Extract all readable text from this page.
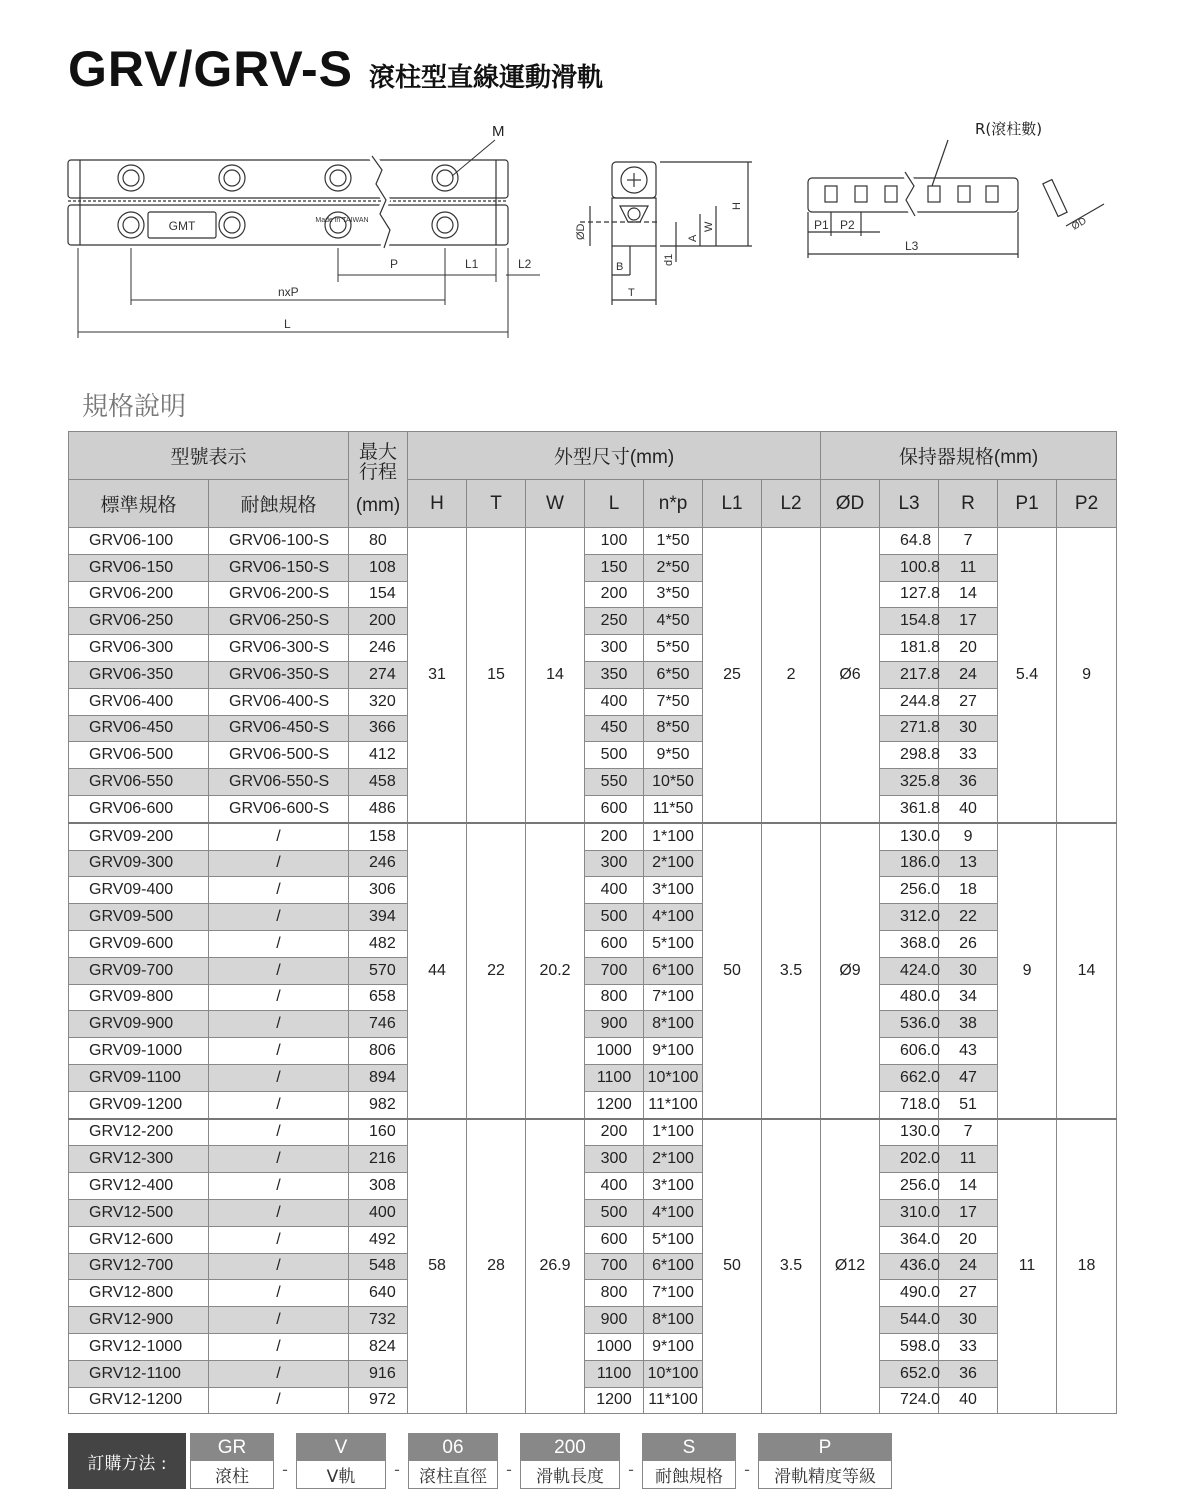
GRV/GRV-S 滾柱型直線運動滑軌
GMT	Made in TAIWAN
M
P	L1	L2
nxP
L
B
T
H
d1
W
A
ØD	P1 P2
L3
ØD
R(滾柱數)
規格說明
型號表示		最大
行程
(mm)	外型尺寸(mm)							保持器規格(mm)				
標準規格	耐蝕規格		H	T	W	L	n*p	L1	L2	ØD	L3	R	P1	P2
GRV06-100	GRV06-100-S	80	31	15	14	100	1*50	25	2	Ø6	64.8	7	5.4	9
GRV06-150	GRV06-150-S	108				150	2*50				100.8	11		
GRV06-200	GRV06-200-S	154				200	3*50				127.8	14		
GRV06-250	GRV06-250-S	200				250	4*50				154.8	17		
GRV06-300	GRV06-300-S	246				300	5*50				181.8	20		
GRV06-350	GRV06-350-S	274				350	6*50				217.8	24		
GRV06-400	GRV06-400-S	320				400	7*50				244.8	27		
GRV06-450	GRV06-450-S	366				450	8*50				271.8	30		
GRV06-500	GRV06-500-S	412				500	9*50				298.8	33		
GRV06-550	GRV06-550-S	458				550	10*50				325.8	36		
GRV06-600	GRV06-600-S	486				600	11*50				361.8	40		
GRV09-200	/	158	44	22	20.2	200	1*100	50	3.5	Ø9	130.0	9	9	14
GRV09-300	/	246				300	2*100				186.0	13		
GRV09-400	/	306				400	3*100				256.0	18		
GRV09-500	/	394				500	4*100				312.0	22		
GRV09-600	/	482				600	5*100				368.0	26		
GRV09-700	/	570				700	6*100				424.0	30		
GRV09-800	/	658				800	7*100				480.0	34		
GRV09-900	/	746				900	8*100				536.0	38		
GRV09-1000	/	806				1000	9*100				606.0	43		
GRV09-1100	/	894				1100	10*100				662.0	47		
GRV09-1200	/	982				1200	11*100				718.0	51		
GRV12-200	/	160	58	28	26.9	200	1*100	50	3.5	Ø12	130.0	7	11	18
GRV12-300	/	216				300	2*100				202.0	11		
GRV12-400	/	308				400	3*100				256.0	14		
GRV12-500	/	400				500	4*100				310.0	17		
GRV12-600	/	492				600	5*100				364.0	20		
GRV12-700	/	548				700	6*100				436.0	24		
GRV12-800	/	640				800	7*100				490.0	27		
GRV12-900	/	732				900	8*100				544.0	30		
GRV12-1000	/	824				1000	9*100				598.0	33		
GRV12-1100	/	916				1100	10*100				652.0	36		
GRV12-1200	/	972				1200	11*100				724.0	40		
訂購方法 :
GR
滾柱	-
V
V軌	-
06
滾柱直徑	-
200
滑軌長度	-
S
耐蝕規格	-
P
滑軌精度等級
